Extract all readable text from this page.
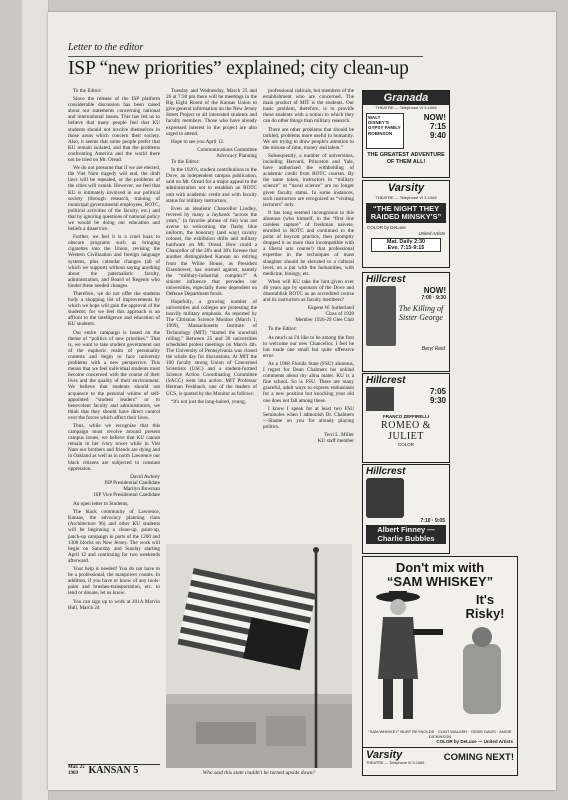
Letter to the editor
ISP “new priorities” explained; city clean-up

To the Editor:

Since the release of the ISP platform considerable discussion has been raised about our statements concerning national and international issues. This has led us to believe that many people feel that KU students should not involve themselves in those areas which concern their society. Also, it seems that some people prefer that KU remain isolated, and that the problems confronting America and the world there not be tried on Mt. Oread.

We do not presume that if we are elected, the Viet Nam tragedy will end, the draft laws will be repealed, or the problems of the cities will vanish. However, we feel that KU is intimately involved in our political society (through research, training of municipal governmental employees, ROTC, political activities of the faculty, etc.) and that by ignoring questions of national policy we would be doing our education and beliefs a disservice.

Further, we feel it is a cruel hoax to obscure programs such as bringing cigarettes into the Union, revising the Western Civilization and foreign language systems, plus calendar changes (all of which we support) without saying anything about the paternalistic faculty, administration, and Board of Regents who hinder these needed changes.

Therefore, we do not offer the students body a shopping list of improvements by which we hope will gain the approval of the students; for we feel this approach is an affront to the intelligence and education of KU students.

Our entire campaign is based on the theme of “politics of new priorities.” That is, we want to take student government out of the euphoric realm of personality contests and begin to face university problems with a new perspective. This means that we feel individual students must become concerned with the course of their lives and the quality of their environment. We believe that students should not acquiesce to the personal whims of self-appointed “student leaders” or to benevolent faculty and administrators, we think that they should have direct control over the forces which affect their lives.

Thus, while we recognize that this campaign must revolve around present campus issues, we believe that KU cannot remain in her ivory tower while in Viet Nam our brothers and friends are dying and in Oakland as well as in north Lawrence our black citizens are subjected to constant oppression.

David Awbrey

ISP Presidential Candidate

Marilyn Bowman

ISP Vice Presidential Candidate

An open letter to Students,

The black community of Lawrence, Kansas, the advocacy planning class (Architecture 96) and other KU students will be beginning a clean-up, paint-up, patch-up campaign in parts of the 1200 and 1300 blocks on New Jersey. The work will begin on Saturday and Sunday starting April 12 and continuing for two weekends afterward.

Your help is needed! You do not have to be a professional, the manpower counts. In addition, if you have or know of any tools-paint and brushes-transportation, etc. to lend or donate, let us know.

You can sign up to work at 201A Marvin Hall, March 24

Tuesday and Wednesday, March 25 and 26 at 7:30 pm there will be meetings in the Big Eight Room of the Kansas Union to give general information on the New Jersey Street Project to all interested students and faculty members. Those who have already expressed interest in the project are also urged to attend.

Hope to see you April 12.

Communications Committee

Advocacy Planning

To the Editor:

In the 1920's, student contributions to the Dove, an independent campus publication, said on Mt. Oread for a major appeal to the administration not to establish an ROTC unit with academic credit and with faculty status for military instructors.

Even an idealistic Chancellor Lindley, revered by many a Jayhawk “across the years,” (a favorite phrase of his) was not averse to welcoming the flashy blue uniform, the honorary (and way) cavalry colonel, the exhibition drills and military hardware on Mt. Oread. How could a Chancellor of the 20's and 30's foresee that another distinguished Kansan on retiring from the White House, as President Eisenhower, has warned against, namely the “military-industrial complex?” A sinister influence that pervades our universities, especially those dependent on Defense Department funds.

Hopefully, a growing number of universities and colleges are protesting the heavily military emphasis. As reported by The Christian Science Monitor (March 1, 1969), Massachusetts Institute of Technology (MIT) “started the snowball rolling.” Between 25 and 30 universities scheduled protest meetings on March 4th. The University of Pennsylvania was closed the whole day for discussions. At MIT the 100 faculty strong Union of Concerned Scientists (USC) and a student-formed Science Action Coordinating Committee (SACC) went into action. MIT Professor Herman Feshbach, one of the leaders of UCS, is quoted by the Monitor as follows:

“It's not just the long-haired, young,

professional radicals, but members of the establishment who are concerned. The main product of MIT is the students. Our basic problem, therefore, is to provide these students with a notion to which they can do other things than military research.

There are other problems that should be tackled, problems more useful to humanity. We are trying to draw people's attention to the misuse of time, money and talent.”

Subsequently, a number of universities, including Harvard, Princeton and Yale, have authorized the withholding of academic credit from ROTC courses. By the same token, instructors in “military science” or “naval science” are no longer given faculty status. In some instances, such instructors are recognized as “visiting lecturers” only.

It has long seemed incongruous to this alumnus (who himself, in the “first line careless rapture” of freshman naivete, enrolled in ROTC and continued to the point of boycott practice, then promptly dropped it as more than incompatible with a liberal arts course!) that professional expertise in the techniques of mass slaughter should be elevated to a cultural level, on a par with the humanities, with medicine, biology, etc.

When will KU take the hint given over 40 years ago by sponsors of the Dove and disestablish ROTC as an accredited course and its instructors as faculty members?

Eugene W. Sutherland

Class of 1928

Member 1926-29 Glee Club

To the Editor:

As much as I'd like to be among the first to welcome our new Chancellor, I feel he has made one small but quite offensive error.

As a 1968 Florida State (FSU) alumnus, I regret for Dean Chalmers his unkind comments about my alma mater. KU is a fine school. So is FSU. There are many graceful, adult ways to express enthusiasm for a new position but knocking your old one does not fall among these.

I know I speak for at least two FSU Seminoles when I admonish Dr. Chalmers—Shame on you for already playing politics.

Terri L. Miller

KU staff member

Who said this state couldn't be turned upside down?
Mar. 25 1969 KANSAN 5
Granada
THEATRE — Telephone VI 3-1065
WALT DISNEY'S
GYPSY FAMILY ROBINSON
NOW!
7:15
9:40
THE GREATEST ADVENTURE OF THEM ALL!
Varsity
THEATRE — Telephone VI 3-1065
“THE NIGHT THEY RAIDED MINSKY'S”
COLOR by DeLuxe
United Artists
Mat. Daily 2:30
Eve. 7:15-9:15
Hillcrest
NOW!
7:00 · 9:30
The Killing of Sister George
Beryl Reid
Hillcrest
7:05
9:30
FRANCO ZEFFIRELLI
ROMEO & JULIET
COLOR
Hillcrest
7:10 · 9:05
Albert Finney — Charlie Bubbles
Don't mix with
“SAM WHISKEY”
It's Risky!
“SAM WHISKEY” BURT REYNOLDS · CLINT WALKER · OSSIE DAVIS · ANGIE DICKINSON
COLOR by DeLuxe — United Artists
Varsity
THEATRE — Telephone VI 3-1065
COMING NEXT!
